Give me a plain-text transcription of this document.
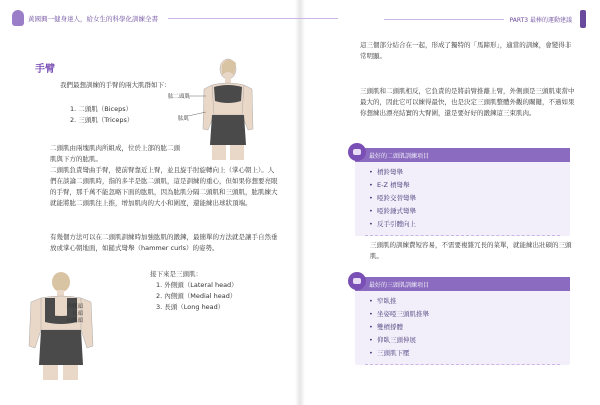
黃國興一健身達人，給女生的科學化訓練全書	PART3 最棒的運動建議
手臂

我們最想訓練的手臂的兩大肌群如下：

1. 二頭肌（Biceps）

2. 三頭肌（Triceps）

肱二頭肌
肱肌

二頭肌由兩塊肌肉所組成，位於上部的肱二頭肌與下方的肱肌。

二頭肌負責彎曲手臂，使前臂靠近上臂，並且旋手肘旋轉向上（掌心朝上）。人們在談論二頭肌時，指的多半是肱二頭肌，這是訓練的重心，但如果你想要亮眼的手臂，那千萬不能忽略下面的肱肌，因為肱肌分隔二頭肌和三頭肌，肱肌練大就能將肱二頭肌往上推，增加肌肉的大小和圍度，還能練出球狀頂端。

有幾個方法可以在二頭肌訓練時加強肱肌的鍛鍊，最簡單的方法就是讓手自然垂放或掌心朝地面，如鎚式彎舉（hammer curls）的姿勢。

接下來是三頭肌：

1. 外側頭（Lateral head）

2. 內側頭（Medial head）

3. 長頭（Long head）

外側頭
長頭
內側頭

這三個部分結合在一起，形成了獨特的「馬蹄形」，適當的訓練，會變得非常明顯。

三頭肌和二頭肌相反，它負責的是將前臂推離上臂，外側頭是三頭肌東當中最大的，因此它可以練得最快，也是決定三頭肌整體外觀的關鍵，不過如果你想練出漂亮結實的大臂圍，還是要好好的鍛鍊這三束肌肉。

最好的二頭肌訓練項目
• 槓鈴彎舉
• E-Z 槓彎舉
• 啞鈴交替彎舉
• 啞鈴錘式彎舉
• 反手引體向上

三頭肌的訓練費短容易，不需要複雜冗長的菜單，就能練出壯碩的三頭肌。

最好的三頭肌訓練項目
• 窄臥推
• 坐姿啞三頭肌推舉
• 雙槓撐體
• 仰臥三頭伸展
• 三頭肌下壓
